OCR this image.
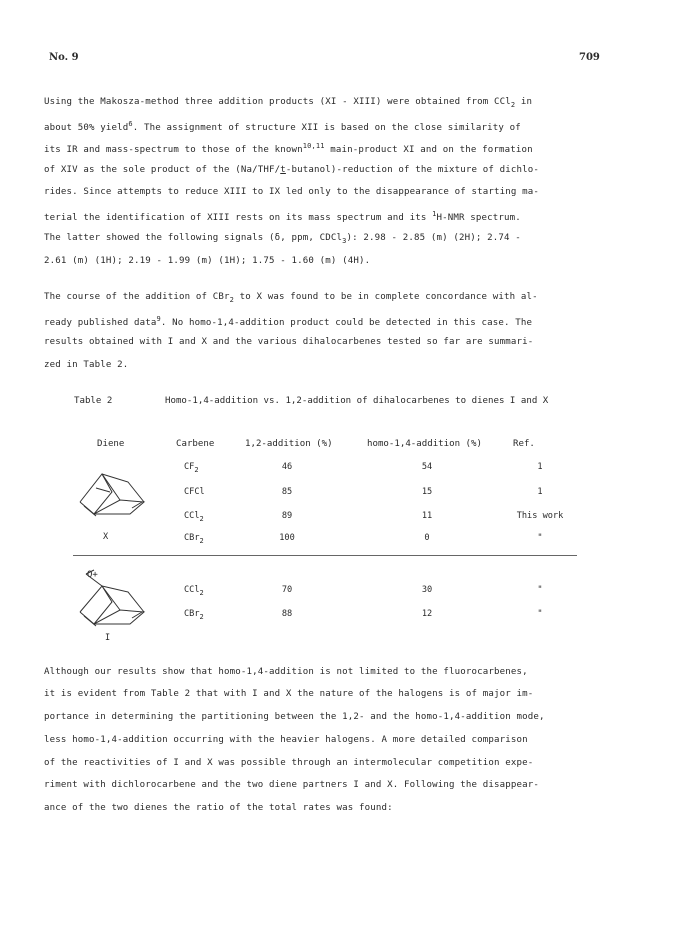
No. 9	709
Using the Makosza-method three addition products (XI - XIII) were obtained from CCl$_2$ in
about 50% yield$^6$. The assignment of structure XII is based on the close similarity of
its IR and mass-spectrum to those of the known$^{10,11}$ main-product XI and on the formation
of XIV as the sole product of the (Na/THF/t-butanol)-reduction of the mixture of dichlo-
rides. Since attempts to reduce XIII to IX led only to the disappearance of starting ma-
terial the identification of XIII rests on its mass spectrum and its $^1$H-NMR spectrum.
The latter showed the following signals (δ, ppm, CDCl$_3$): 2.98 - 2.85 (m) (2H); 2.74 -
2.61 (m) (1H); 2.19 - 1.99 (m) (1H); 1.75 - 1.60 (m) (4H).
The course of the addition of CBr$_2$ to X was found to be in complete concordance with al-
ready published data$^9$. No homo-1,4-addition product could be detected in this case. The
results obtained with I and X and the various dihalocarbenes tested so far are summari-
zed in Table 2.
Table 2	Homo-1,4-addition vs. 1,2-addition of dihalocarbenes to dienes I and X
Diene	Carbene	1,2-addition (%)	homo-1,4-addition (%)	Ref.
X
$CF_2$	46	54	1
CFCl	85	15	1
CCl$_2$	89	11	This work
CBr$_2$	100	0	"
O+
I
CCl$_2$	70	30	"
CBr$_2$	88	12	"
Although our results show that homo-1,4-addition is not limited to the fluorocarbenes,
it is evident from Table 2 that with I and X the nature of the halogens is of major im-
portance in determining the partitioning between the 1,2- and the homo-1,4-addition mode,
less homo-1,4-addition occurring with the heavier halogens. A more detailed comparison
of the reactivities of I and X was possible through an intermolecular competition expe-
riment with dichlorocarbene and the two diene partners I and X. Following the disappear-
ance of the two dienes the ratio of the total rates was found:
